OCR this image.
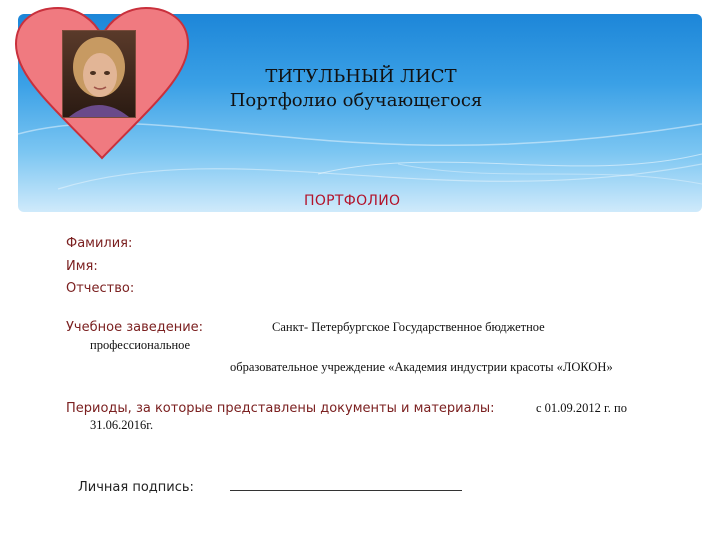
ТИТУЛЬНЫЙ ЛИСТ
Портфолио обучающегося
ПОРТФОЛИО
Фамилия:
Имя:
Отчество:
Учебное заведение:	Санкт- Петербургское Государственное бюджетное
профессиональное
образовательное учреждение «Академия индустрии красоты «ЛОКОН»
Периоды, за которые представлены документы и материалы:	с 01.09.2012 г. по
31.06.2016г.
Личная подпись:
